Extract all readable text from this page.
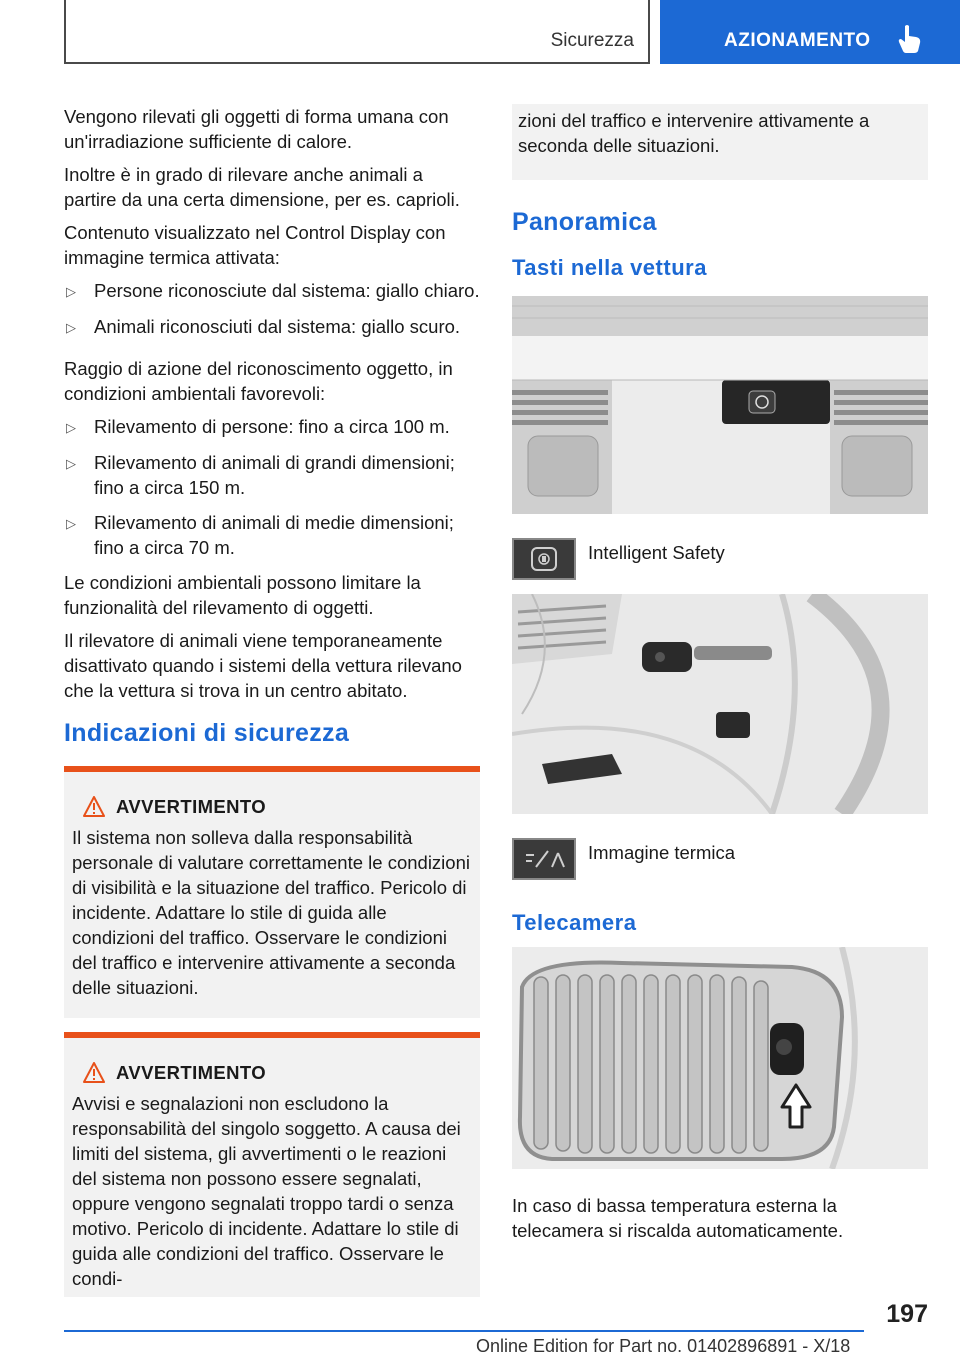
Sicurezza	AZIONAMENTO

Vengono rilevati gli oggetti di forma umana con un'irradiazione sufficiente di calore.

Inoltre è in grado di rilevare anche animali a partire da una certa dimensione, per es. caprioli.

Contenuto visualizzato nel Control Display con immagine termica attivata:

▷ Persone riconosciute dal sistema: giallo chiaro.
▷ Animali riconosciuti dal sistema: giallo scuro.

Raggio di azione del riconoscimento oggetto, in condizioni ambientali favorevoli:

▷ Rilevamento di persone: fino a circa 100 m.
▷ Rilevamento di animali di grandi dimensioni; fino a circa 150 m.
▷ Rilevamento di animali di medie dimensioni; fino a circa 70 m.

Le condizioni ambientali possono limitare la funzionalità del rilevamento di oggetti.

Il rilevatore di animali viene temporaneamente disattivato quando i sistemi della vettura rilevano che la vettura si trova in un centro abitato.

Indicazioni di sicurezza
AVVERTIMENTO
Il sistema non solleva dalla responsabilità personale di valutare correttamente le condizioni di visibilità e la situazione del traffico. Pericolo di incidente. Adattare lo stile di guida alle condizioni del traffico. Osservare le condizioni del traffico e intervenire attivamente a seconda delle situazioni.
AVVERTIMENTO
Avvisi e segnalazioni non escludono la responsabilità del singolo soggetto. A causa dei limiti del sistema, gli avvertimenti o le reazioni del sistema non possono essere segnalati, oppure vengono segnalati troppo tardi o senza motivo. Pericolo di incidente. Adattare lo stile di guida alle condizioni del traffico. Osservare le condi-
zioni del traffico e intervenire attivamente a seconda delle situazioni.
Panoramica
Tasti nella vettura
Intelligent Safety
Immagine termica
Telecamera

In caso di bassa temperatura esterna la telecamera si riscalda automaticamente.

197
Online Edition for Part no. 01402896891 - X/18
